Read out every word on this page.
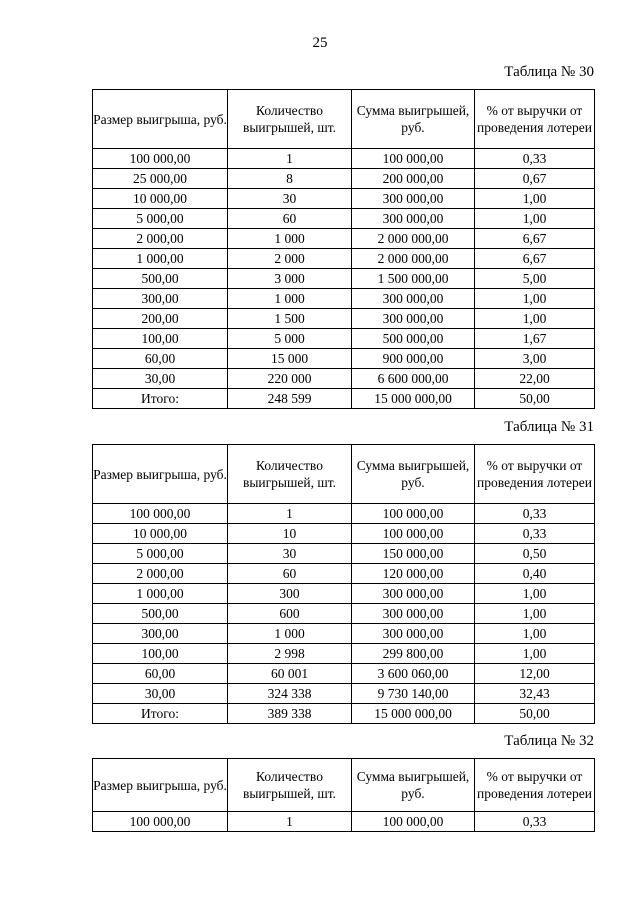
25
Таблица № 30
Размер выигрыша, руб.	Количество выигрышей, шт.	Сумма выигрышей, руб.	% от выручки от проведения лотереи
100 000,00	1	100 000,00	0,33
25 000,00	8	200 000,00	0,67
10 000,00	30	300 000,00	1,00
5 000,00	60	300 000,00	1,00
2 000,00	1 000	2 000 000,00	6,67
1 000,00	2 000	2 000 000,00	6,67
500,00	3 000	1 500 000,00	5,00
300,00	1 000	300 000,00	1,00
200,00	1 500	300 000,00	1,00
100,00	5 000	500 000,00	1,67
60,00	15 000	900 000,00	3,00
30,00	220 000	6 600 000,00	22,00
Итого:	248 599	15 000 000,00	50,00
Таблица № 31
Размер выигрыша, руб.	Количество выигрышей, шт.	Сумма выигрышей, руб.	% от выручки от проведения лотереи
100 000,00	1	100 000,00	0,33
10 000,00	10	100 000,00	0,33
5 000,00	30	150 000,00	0,50
2 000,00	60	120 000,00	0,40
1 000,00	300	300 000,00	1,00
500,00	600	300 000,00	1,00
300,00	1 000	300 000,00	1,00
100,00	2 998	299 800,00	1,00
60,00	60 001	3 600 060,00	12,00
30,00	324 338	9 730 140,00	32,43
Итого:	389 338	15 000 000,00	50,00
Таблица № 32
Размер выигрыша, руб.	Количество выигрышей, шт.	Сумма выигрышей, руб.	% от выручки от проведения лотереи
100 000,00	1	100 000,00	0,33
